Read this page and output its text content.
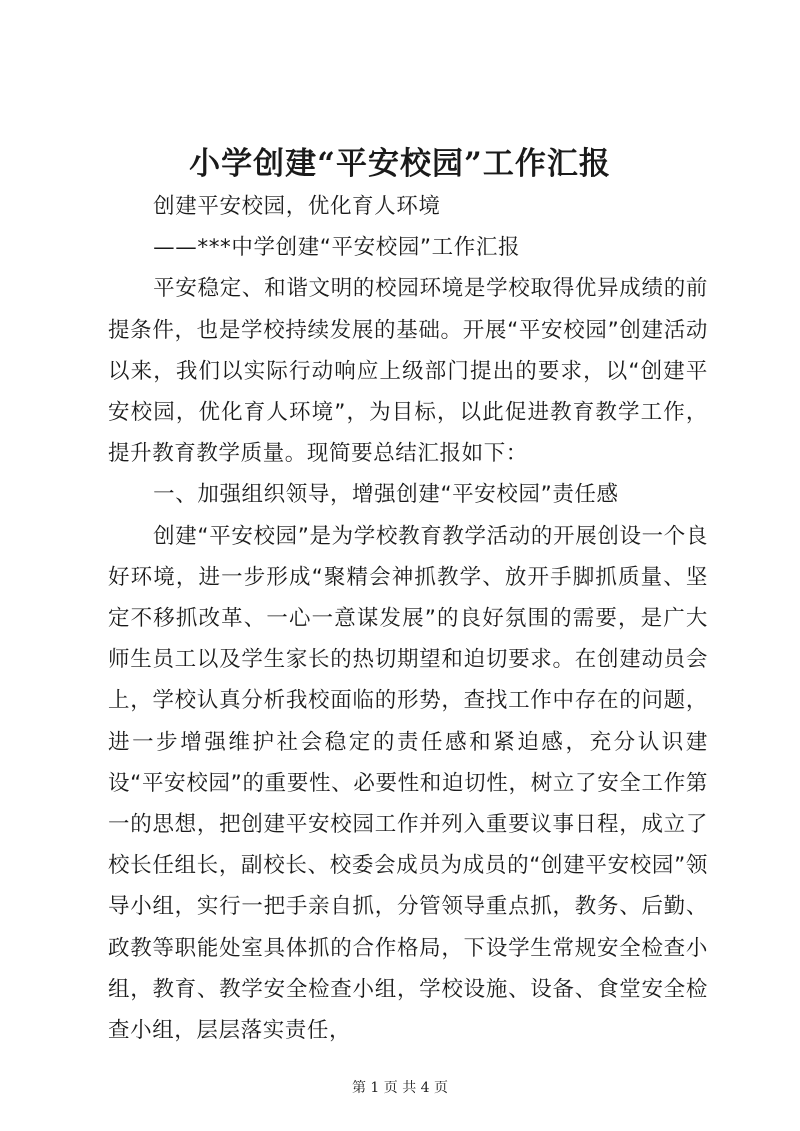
小学创建“平安校园”工作汇报

创建平安校园，优化育人环境

——***中学创建“平安校园”工作汇报

平安稳定、和谐文明的校园环境是学校取得优异成绩的前提条件，也是学校持续发展的基础。开展“平安校园”创建活动以来，我们以实际行动响应上级部门提出的要求，以“创建平安校园，优化育人环境”，为目标，以此促进教育教学工作，提升教育教学质量。现简要总结汇报如下：

一、加强组织领导，增强创建“平安校园”责任感

创建“平安校园”是为学校教育教学活动的开展创设一个良好环境，进一步形成“聚精会神抓教学、放开手脚抓质量、坚定不移抓改革、一心一意谋发展”的良好氛围的需要，是广大师生员工以及学生家长的热切期望和迫切要求。在创建动员会上，学校认真分析我校面临的形势，查找工作中存在的问题，进一步增强维护社会稳定的责任感和紧迫感，充分认识建设“平安校园”的重要性、必要性和迫切性，树立了安全工作第一的思想，把创建平安校园工作并列入重要议事日程，成立了校长任组长，副校长、校委会成员为成员的“创建平安校园”领导小组，实行一把手亲自抓，分管领导重点抓，教务、后勤、政教等职能处室具体抓的合作格局，下设学生常规安全检查小组，教育、教学安全检查小组，学校设施、设备、食堂安全检查小组，层层落实责任，

第 1 页 共 4 页
